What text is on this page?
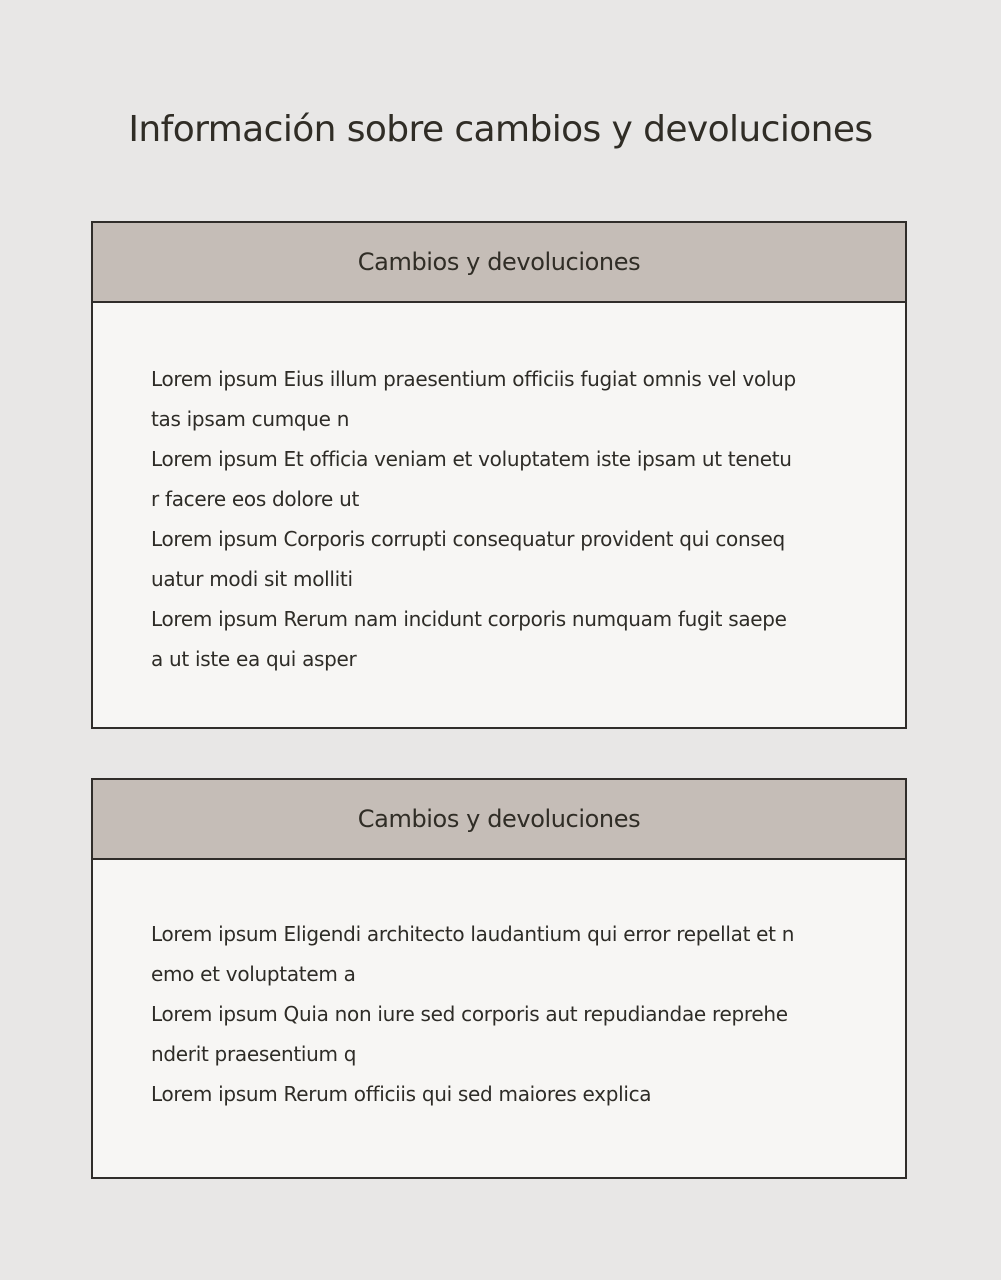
Información sobre cambios y devoluciones
Cambios y devoluciones
Lorem ipsum Eius illum praesentium officiis fugiat omnis vel volup
tas ipsam cumque n
Lorem ipsum Et officia veniam et voluptatem iste ipsam ut tenetu
r facere eos dolore ut
Lorem ipsum Corporis corrupti consequatur provident qui conseq
uatur modi sit molliti
Lorem ipsum Rerum nam incidunt corporis numquam fugit saepe
a ut iste ea qui asper
Cambios y devoluciones
Lorem ipsum Eligendi architecto laudantium qui error repellat et n
emo et voluptatem a
Lorem ipsum Quia non iure sed corporis aut repudiandae reprehe
nderit praesentium q
Lorem ipsum Rerum officiis qui sed maiores explica
